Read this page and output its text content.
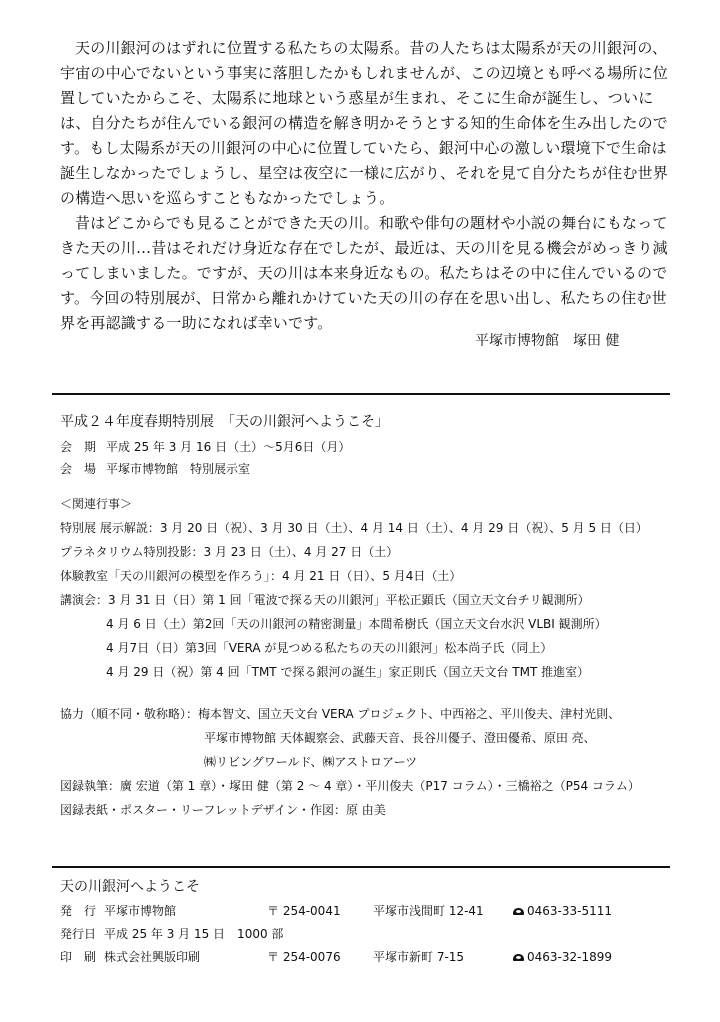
天の川銀河のはずれに位置する私たちの太陽系。昔の人たちは太陽系が天の川銀河の、宇宙の中心でないという事実に落胆したかもしれませんが、この辺境とも呼べる場所に位置していたからこそ、太陽系に地球という惑星が生まれ、そこに生命が誕生し、ついには、自分たちが住んでいる銀河の構造を解き明かそうとする知的生命体を生み出したのです。もし太陽系が天の川銀河の中心に位置していたら、銀河中心の激しい環境下で生命は誕生しなかったでしょうし、星空は夜空に一様に広がり、それを見て自分たちが住む世界の構造へ思いを巡らすこともなかったでしょう。

昔はどこからでも見ることができた天の川。和歌や俳句の題材や小説の舞台にもなってきた天の川…昔はそれだけ身近な存在でしたが、最近は、天の川を見る機会がめっきり減ってしまいました。ですが、天の川は本来身近なもの。私たちはその中に住んでいるのです。今回の特別展が、日常から離れかけていた天の川の存在を思い出し、私たちの住む世界を再認識する一助になれば幸いです。

平塚市博物館　塚田 健
平成２４年度春期特別展　「天の川銀河へようこそ」
会　期 平成 25 年 3 月 16 日（土）～5月6日（月）
会　場 平塚市博物館　特別展示室
＜関連行事＞
特別展 展示解説：3 月 20 日（祝）、3 月 30 日（土）、4 月 14 日（土）、4 月 29 日（祝）、5 月 5 日（日）
プラネタリウム特別投影：3 月 23 日（土）、4 月 27 日（土）
体験教室「天の川銀河の模型を作ろう」：4 月 21 日（日）、5 月4日（土）
講演会：3 月 31 日（日）第 1 回「電波で探る天の川銀河」平松正顕氏（国立天文台チリ観測所）
4 月 6 日（土）第2回「天の川銀河の精密測量」本間希樹氏（国立天文台水沢 VLBI 観測所）
4 月7日（日）第3回「VERA が見つめる私たちの天の川銀河」松本尚子氏（同上）
4 月 29 日（祝）第 4 回「TMT で探る銀河の誕生」家正則氏（国立天文台 TMT 推進室）
協力（順不同・敬称略）：梅本智文、国立天文台 VERA プロジェクト、中西裕之、平川俊夫、津村光則、
平塚市博物館 天体観察会、武藤天音、長谷川優子、澄田優希、原田 亮、
㈱リビングワールド、㈱アストロアーツ
図録執筆：廣 宏道（第 1 章）・塚田 健（第 2 ～ 4 章）・平川俊夫（P17 コラム）・三橋裕之（P54 コラム）
図録表紙・ポスター・リーフレットデザイン・作図：原 由美
天の川銀河へようこそ
発　行 平塚市博物館	〒 254-0041	平塚市浅間町 12-41	0463-33-5111
発行日 平成 25 年 3 月 15 日　1000 部
印　刷 株式会社興版印刷	〒 254-0076	平塚市新町 7-15	0463-32-1899
